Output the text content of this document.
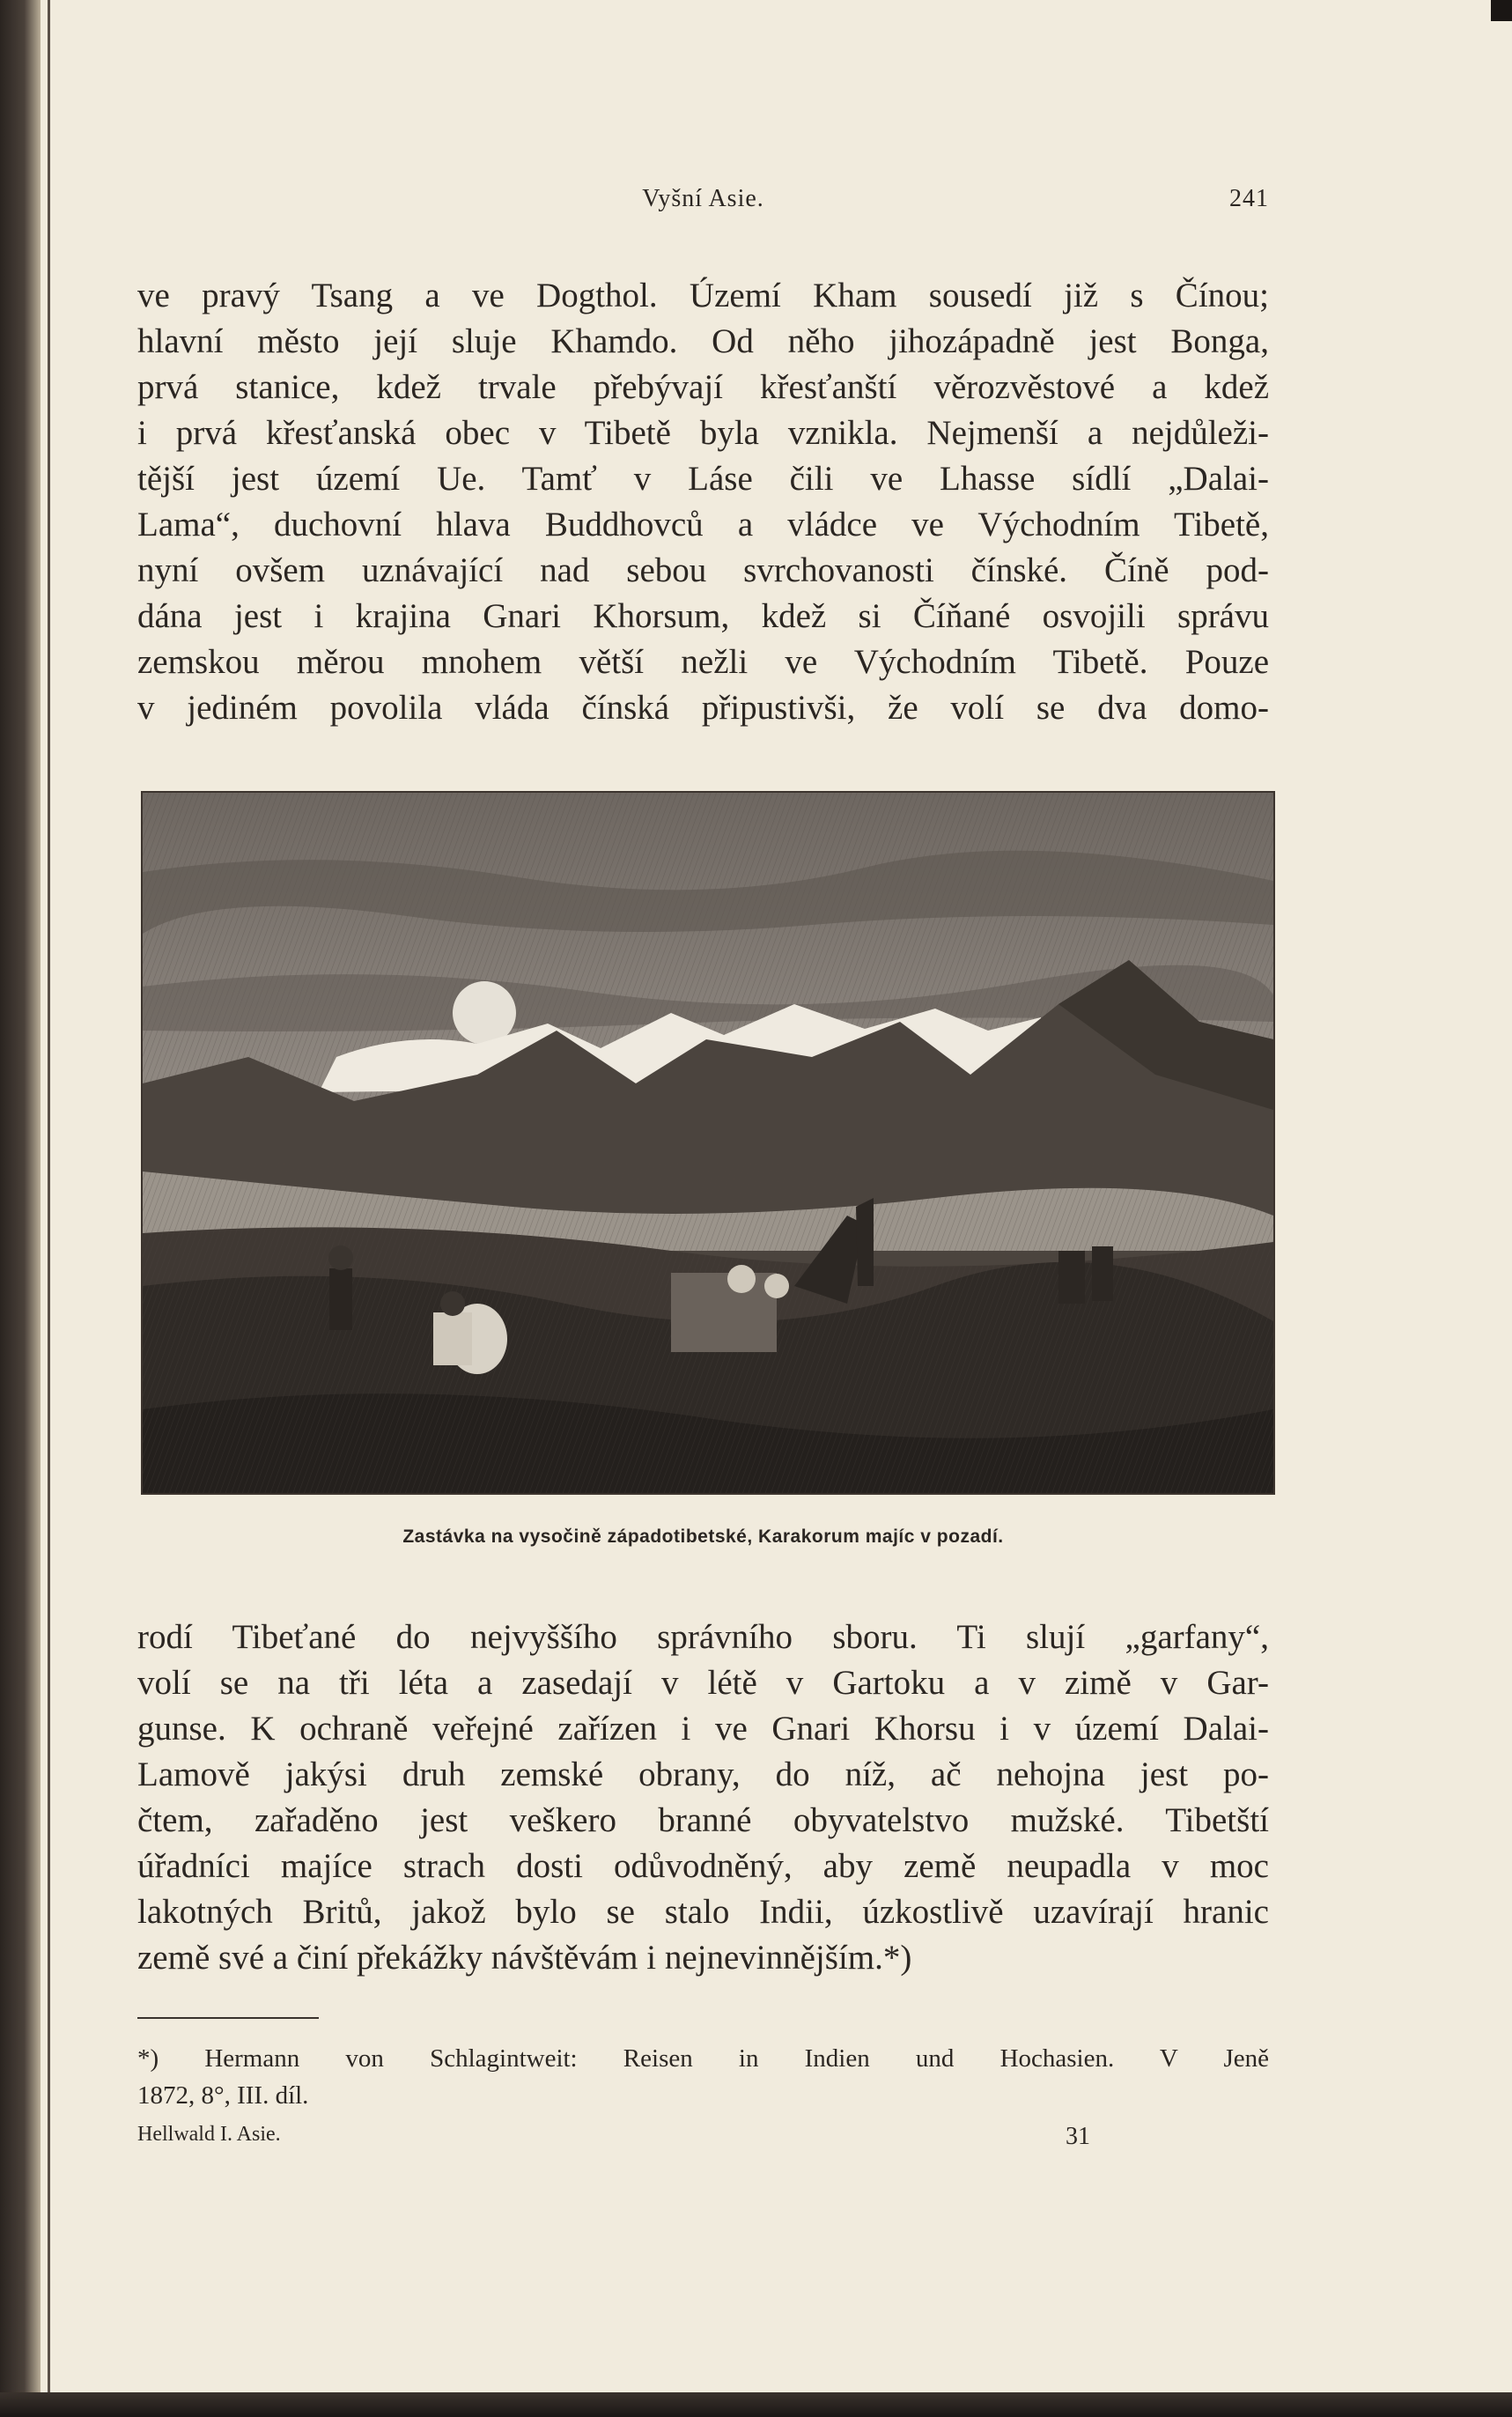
Vyšní Asie.	241
ve pravý Tsang a ve Dogthol. Území Kham sousedí již s Čínou;
hlavní město její sluje Khamdo. Od něho jihozápadně jest Bonga,
prvá stanice, kdež trvale přebývají křesťanští věrozvěstové a kdež
i prvá křesťanská obec v Tibetě byla vznikla. Nejmenší a nejdůleži-
tější jest území Ue. Tamť v Láse čili ve Lhasse sídlí „Dalai-
Lama“, duchovní hlava Buddhovců a vládce ve Východním Tibetě,
nyní ovšem uznávající nad sebou svrchovanosti čínské. Číně pod-
dána jest i krajina Gnari Khorsum, kdež si Číňané osvojili správu
zemskou měrou mnohem větší nežli ve Východním Tibetě. Pouze
v jediném povolila vláda čínská připustivši, že volí se dva domo-
Zastávka na vysočině západotibetské, Karakorum majíc v pozadí.
rodí Tibeťané do nejvyššího správního sboru. Ti slují „garfany“,
volí se na tři léta a zasedají v létě v Gartoku a v zimě v Gar-
gunse. K ochraně veřejné zařízen i ve Gnari Khorsu i v území Dalai-
Lamově jakýsi druh zemské obrany, do níž, ač nehojna jest po-
čtem, zařaděno jest veškero branné obyvatelstvo mužské. Tibetští
úřadníci majíce strach dosti odůvodněný, aby země neupadla v moc
lakotných Britů, jakož bylo se stalo Indii, úzkostlivě uzavírají hranic
země své a činí překážky návštěvám i nejnevinnějším.*)
*) Hermann von Schlagintweit: Reisen in Indien und Hochasien. V Jeně
1872, 8°, III. díl.
Hellwald I. Asie.	31
